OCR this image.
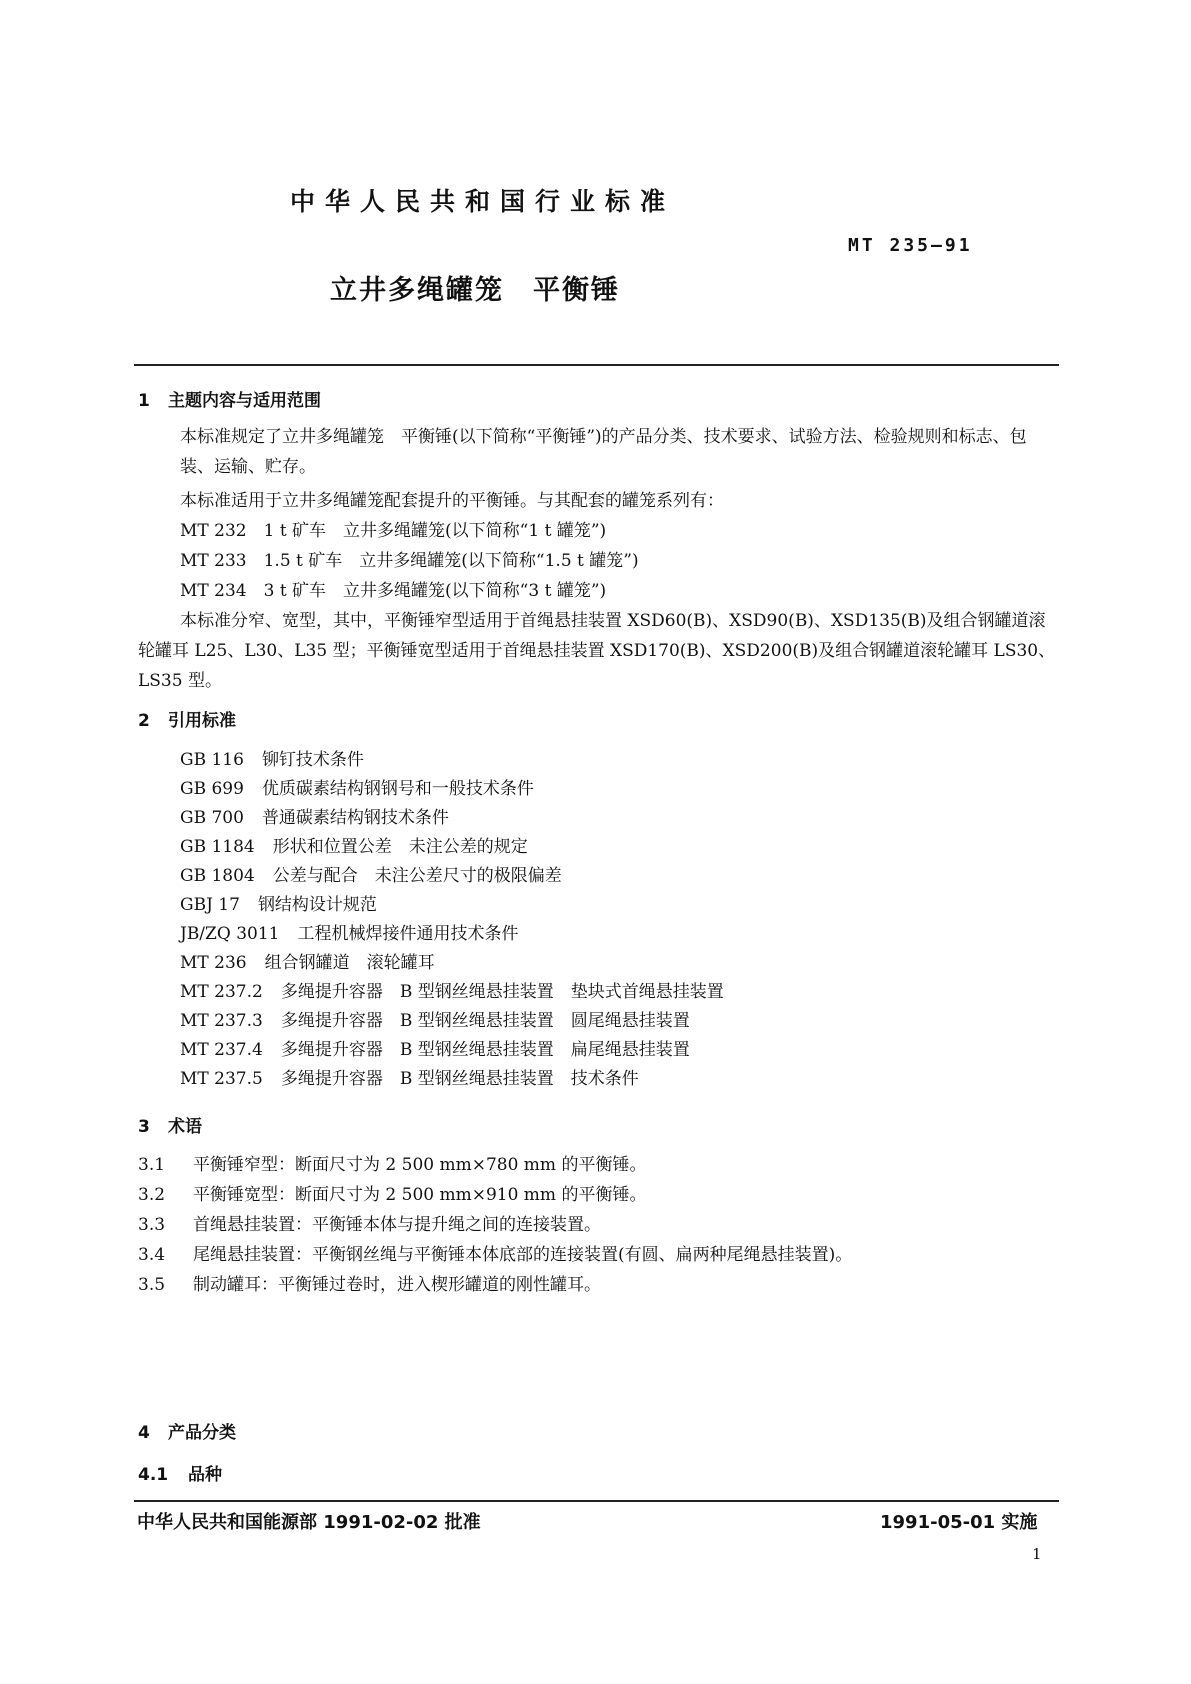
中华人民共和国行业标准
MT 235—91
立井多绳罐笼　平衡锤
1 主题内容与适用范围
本标准规定了立井多绳罐笼　平衡锤(以下简称“平衡锤”)的产品分类、技术要求、试验方法、检验规则和标志、包装、运输、贮存。
本标准适用于立井多绳罐笼配套提升的平衡锤。与其配套的罐笼系列有：
MT 232　1 t 矿车　立井多绳罐笼(以下简称“1 t 罐笼”)
MT 233　1.5 t 矿车　立井多绳罐笼(以下简称“1.5 t 罐笼”)
MT 234　3 t 矿车　立井多绳罐笼(以下简称“3 t 罐笼”)
本标准分窄、宽型，其中，平衡锤窄型适用于首绳悬挂装置 XSD60(B)、XSD90(B)、XSD135(B)及组合钢罐道滚轮罐耳 L25、L30、L35 型；平衡锤宽型适用于首绳悬挂装置 XSD170(B)、XSD200(B)及组合钢罐道滚轮罐耳 LS30、LS35 型。
2 引用标准
GB 116 铆钉技术条件
GB 699 优质碳素结构钢钢号和一般技术条件
GB 700 普通碳素结构钢技术条件
GB 1184 形状和位置公差　未注公差的规定
GB 1804 公差与配合　未注公差尺寸的极限偏差
GBJ 17 钢结构设计规范
JB/ZQ 3011 工程机械焊接件通用技术条件
MT 236 组合钢罐道　滚轮罐耳
MT 237.2 多绳提升容器　B 型钢丝绳悬挂装置　垫块式首绳悬挂装置
MT 237.3 多绳提升容器　B 型钢丝绳悬挂装置　圆尾绳悬挂装置
MT 237.4 多绳提升容器　B 型钢丝绳悬挂装置　扁尾绳悬挂装置
MT 237.5 多绳提升容器　B 型钢丝绳悬挂装置　技术条件
3 术语
3.1 平衡锤窄型：断面尺寸为 2 500 mm×780 mm 的平衡锤。
3.2 平衡锤宽型：断面尺寸为 2 500 mm×910 mm 的平衡锤。
3.3 首绳悬挂装置：平衡锤本体与提升绳之间的连接装置。
3.4 尾绳悬挂装置：平衡钢丝绳与平衡锤本体底部的连接装置(有圆、扁两种尾绳悬挂装置)。
3.5 制动罐耳：平衡锤过卷时，进入楔形罐道的刚性罐耳。
4 产品分类
4.1 品种
中华人民共和国能源部 1991-02-02 批准	1991-05-01 实施
1
